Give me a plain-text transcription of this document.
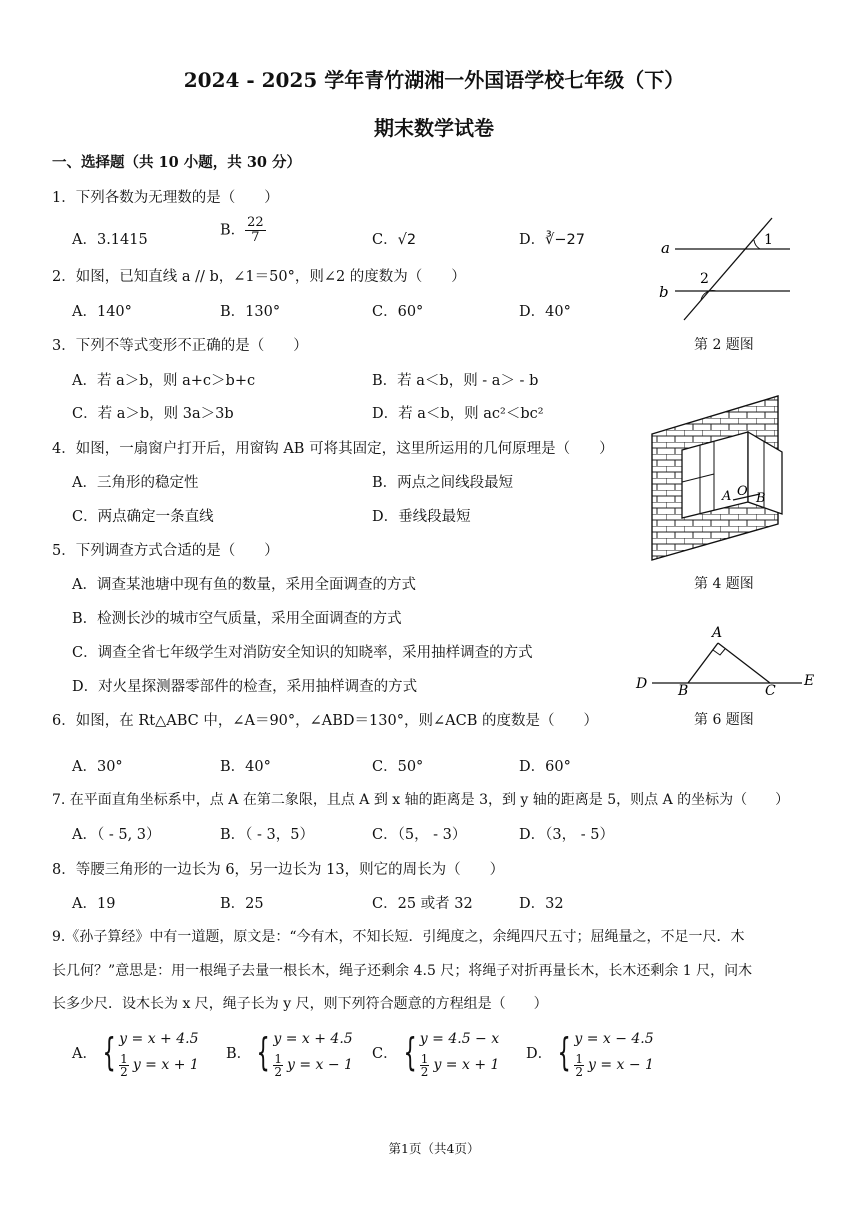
2024 - 2025 学年青竹湖湘一外国语学校七年级（下）
期末数学试卷
一、选择题（共 10 小题，共 30 分）
1．下列各数为无理数的是（　　）
A．3.1415
B． $\frac{22}{7}$	C．√2	D．∛−27
2．如图，已知直线 a // b，∠1＝50°，则∠2 的度数为（　　）
A．140°	B．130°	C．60°	D．40°
a
b
1
2
第 2 题图
3．下列不等式变形不正确的是（　　）
A．若 a＞b，则 a+c＞b+c	B．若 a＜b，则 - a＞ - b
C．若 a＞b，则 3a＞3b	D．若 a＜b，则 ac²＜bc²
4．如图，一扇窗户打开后，用窗钩 AB 可将其固定，这里所运用的几何原理是（　　）
A．三角形的稳定性	B．两点之间线段最短
C．两点确定一条直线	D．垂线段最短
A O B
第 4 题图
5．下列调查方式合适的是（　　）
A．调查某池塘中现有鱼的数量，采用全面调查的方式
B．检测长沙的城市空气质量，采用全面调查的方式
C．调查全省七年级学生对消防安全知识的知晓率，采用抽样调查的方式
D．对火星探测器零部件的检查，采用抽样调查的方式
A
B	C
D	E
第 6 题图
6．如图，在 Rt△ABC 中，∠A＝90°，∠ABD＝130°，则∠ACB 的度数是（　　）
A．30°	B．40°	C．50°	D．60°
7. 在平面直角坐标系中，点 A 在第二象限，且点 A 到 x 轴的距离是 3，到 y 轴的距离是 5，则点 A 的坐标为（　　）
A．（ - 5, 3）	B．（ - 3，5）	C．（5， - 3）	D．（3， - 5）
8．等腰三角形的一边长为 6，另一边长为 13，则它的周长为（　　）
A．19	B．25	C．25 或者 32	D．32
9.《孙子算经》中有一道题，原文是：“今有木，不知长短．引绳度之，余绳四尺五寸；屈绳量之，不足一尺．木
长几何？”意思是：用一根绳子去量一根长木，绳子还剩余 4.5 尺；将绳子对折再量长木，长木还剩余 1 尺，问木
长多少尺．设木长为 x 尺，绳子长为 y 尺，则下列符合题意的方程组是（　　）
A． { y = x + 4.5
1
2 y = x + 1
B． { y = x + 4.5
1
2 y = x − 1
C． { y = 4.5 − x
1
2 y = x + 1
D． { y = x − 4.5
1
2 y = x − 1
第1页（共4页）
